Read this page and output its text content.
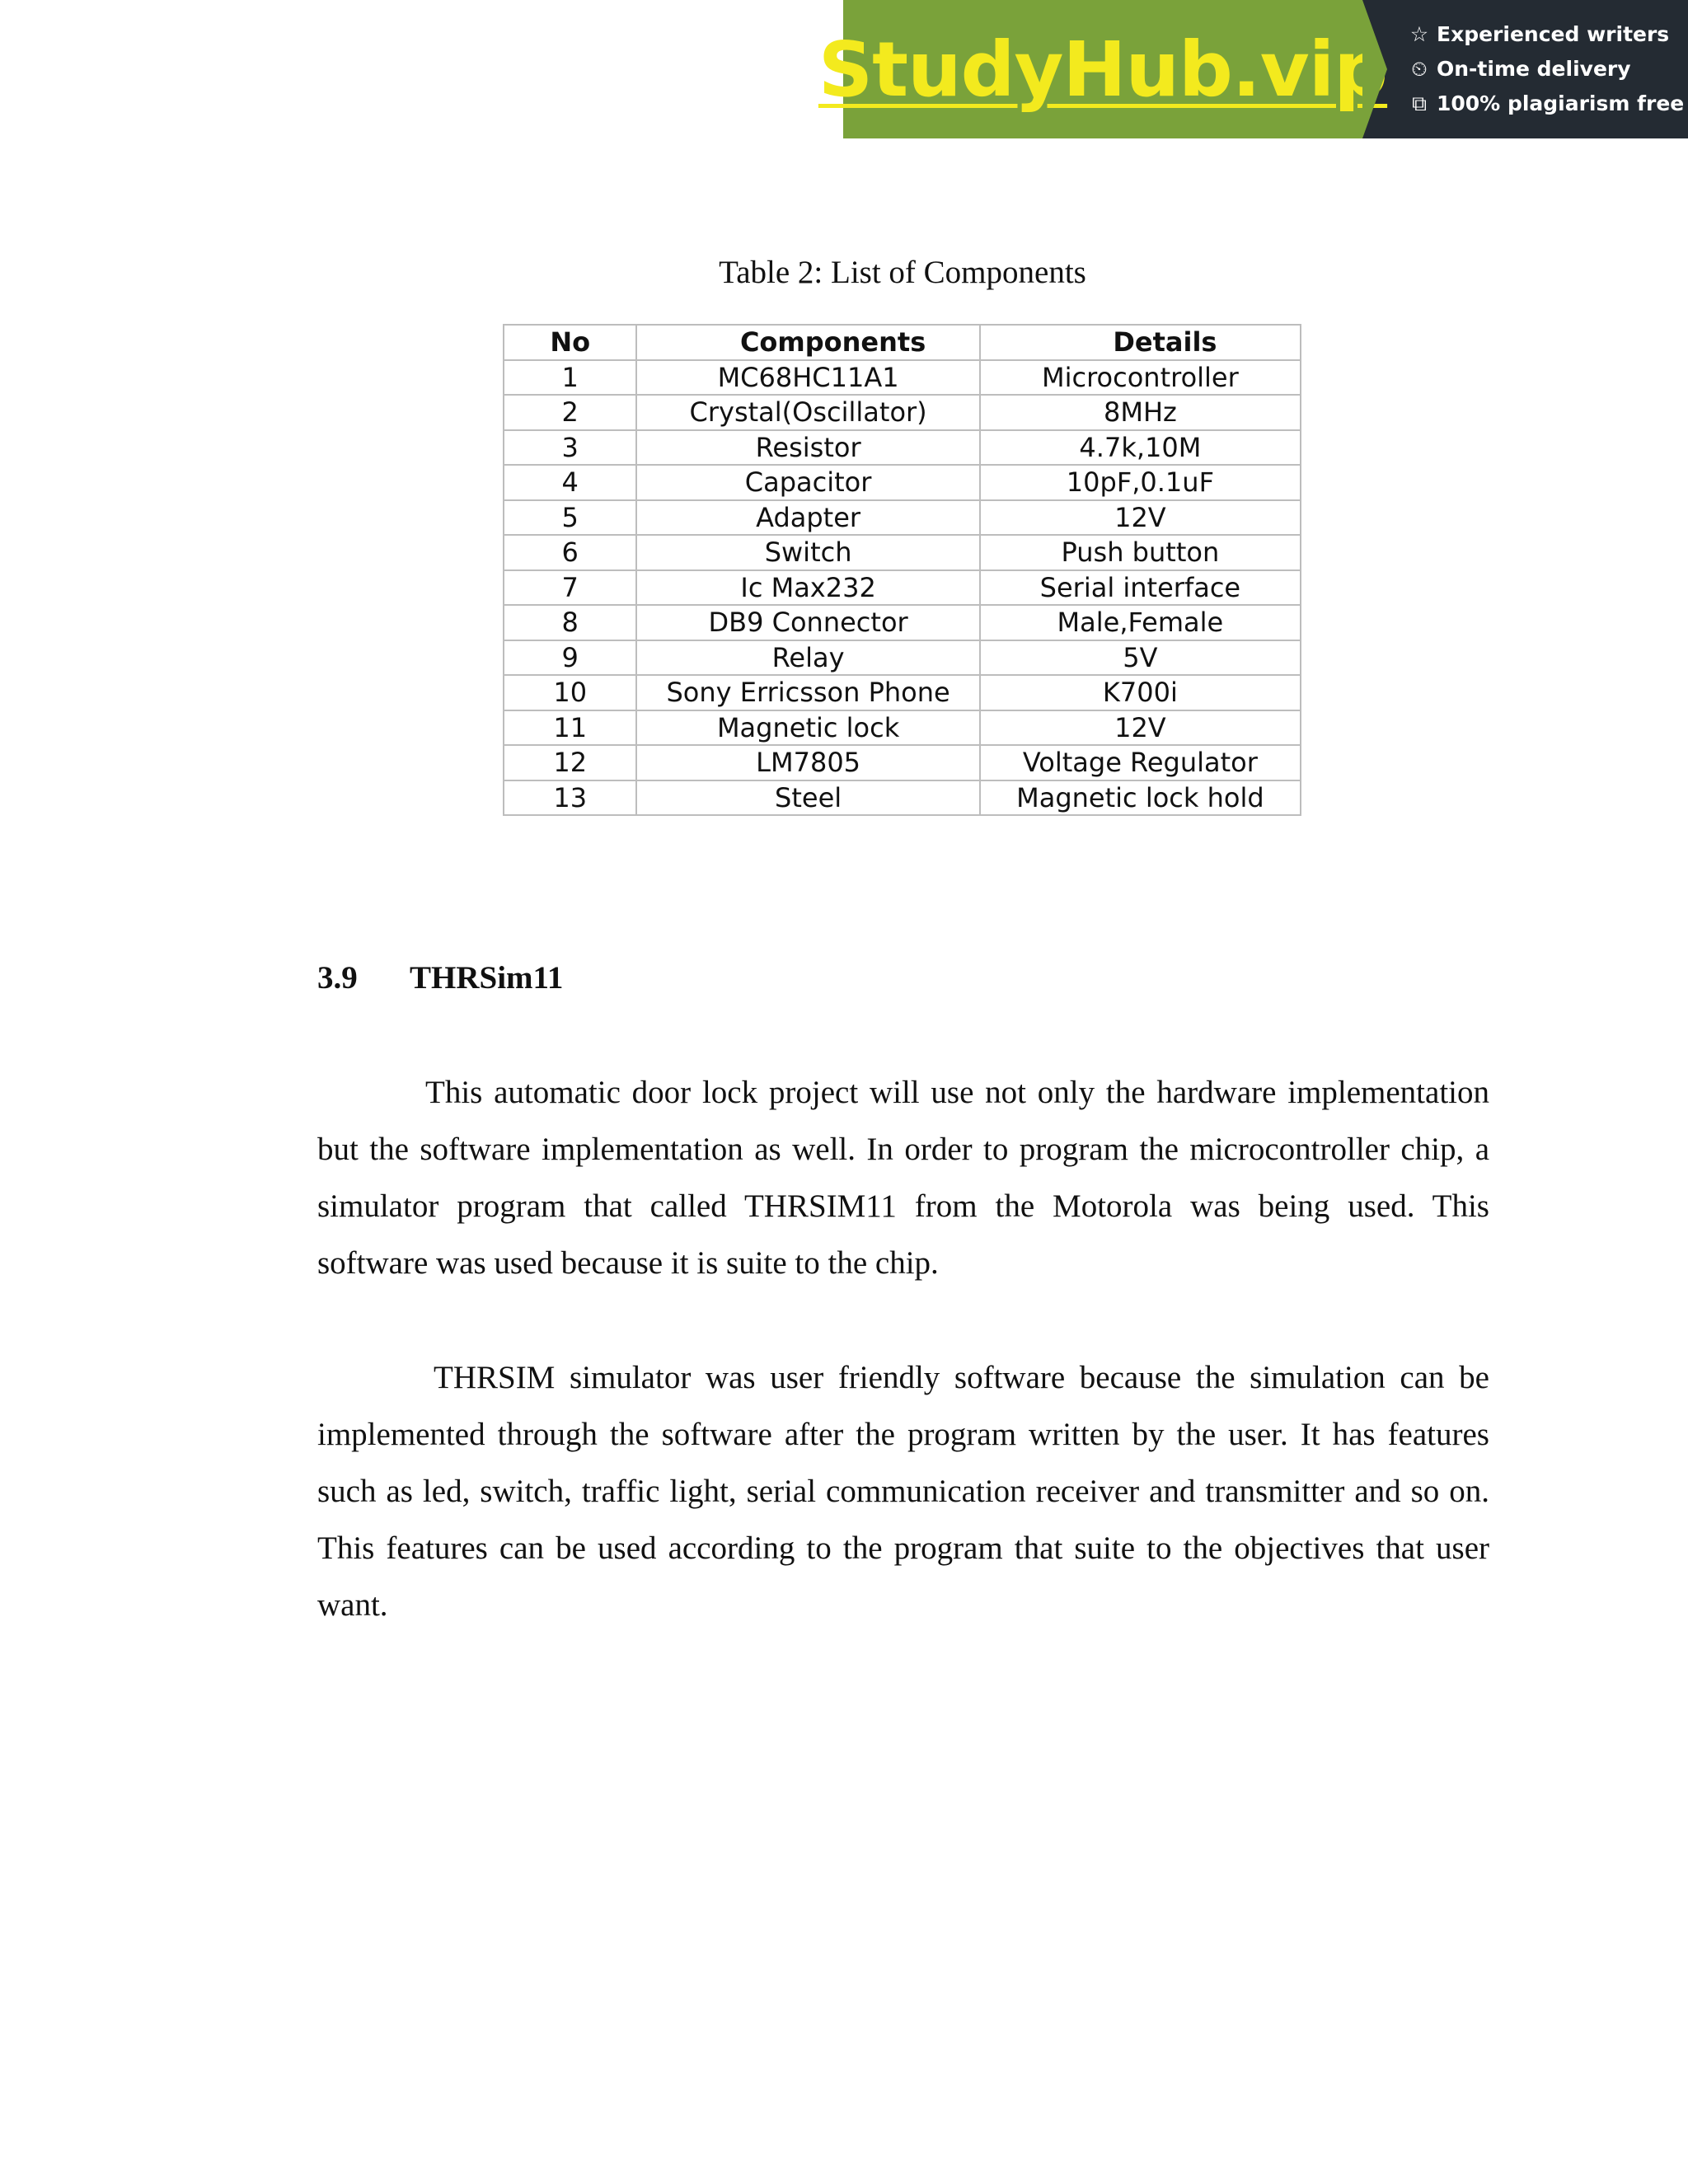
StudyHub.vip ☆ Experienced writers
⏲ On-time delivery
⧉ 100% plagiarism free
Table 2: List of Components
No	Components	Details
1	MC68HC11A1	Microcontroller
2	Crystal(Oscillator)	8MHz
3	Resistor	4.7k,10M
4	Capacitor	10pF,0.1uF
5	Adapter	12V
6	Switch	Push button
7	Ic Max232	Serial interface
8	DB9 Connector	Male,Female
9	Relay	5V
10	Sony Erricsson Phone	K700i
11	Magnetic lock	12V
12	LM7805	Voltage Regulator
13	Steel	Magnetic lock hold
3.9	THRSim11

This automatic door lock project will use not only the hardware implementation but the software implementation as well. In order to program the microcontroller chip, a simulator program that called THRSIM11 from the Motorola was being used. This software was used because it is suite to the chip.

THRSIM simulator was user friendly software because the simulation can be implemented through the software after the program written by the user. It has features such as led, switch, traffic light, serial communication receiver and transmitter and so on. This features can be used according to the program that suite to the objectives that user want.
